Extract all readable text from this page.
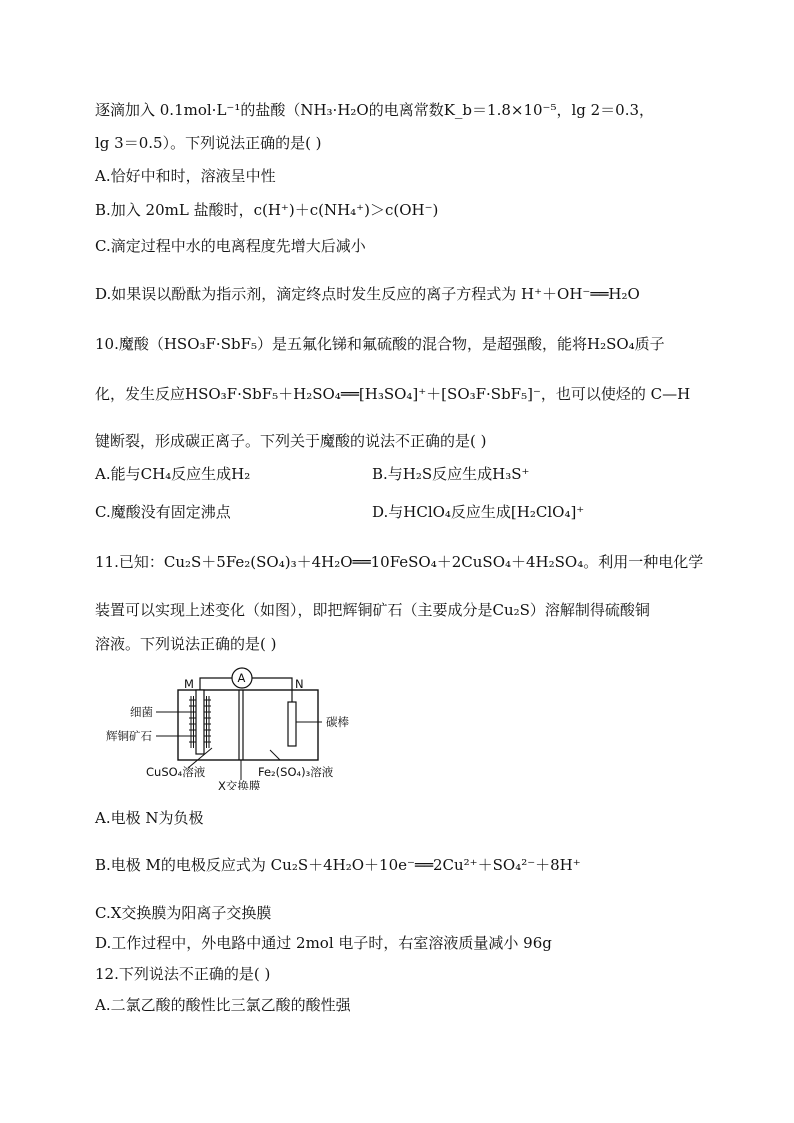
逐滴加入 0.1mol·L⁻¹的盐酸（NH₃·H₂O的电离常数K_b＝1.8×10⁻⁵，lg 2＝0.3，
lg 3＝0.5）。下列说法正确的是( )
A.恰好中和时，溶液呈中性
B.加入 20mL 盐酸时，c(H⁺)＋c(NH₄⁺)＞c(OH⁻)
C.滴定过程中水的电离程度先增大后减小
D.如果误以酚酞为指示剂，滴定终点时发生反应的离子方程式为 H⁺＋OH⁻══H₂O
10.魔酸（HSO₃F·SbF₅）是五氟化锑和氟硫酸的混合物，是超强酸，能将H₂SO₄质子
化，发生反应HSO₃F·SbF₅＋H₂SO₄══[H₃SO₄]⁺＋[SO₃F·SbF₅]⁻，也可以使烃的 C—H
键断裂，形成碳正离子。下列关于魔酸的说法不正确的是( )
A.能与CH₄反应生成H₂	B.与H₂S反应生成H₃S⁺
C.魔酸没有固定沸点	D.与HClO₄反应生成[H₂ClO₄]⁺
11.已知：Cu₂S＋5Fe₂(SO₄)₃＋4H₂O══10FeSO₄＋2CuSO₄＋4H₂SO₄。利用一种电化学
装置可以实现上述变化（如图），即把辉铜矿石（主要成分是Cu₂S）溶解制得硫酸铜
溶液。下列说法正确的是( )
A
M	N
细菌
辉铜矿石
碳棒
CuSO₄溶液
X交换膜
Fe₂(SO₄)₃溶液
A.电极 N为负极
B.电极 M的电极反应式为 Cu₂S＋4H₂O＋10e⁻══2Cu²⁺＋SO₄²⁻＋8H⁺
C.X交换膜为阳离子交换膜
D.工作过程中，外电路中通过 2mol 电子时，右室溶液质量减小 96g
12.下列说法不正确的是( )
A.二氯乙酸的酸性比三氯乙酸的酸性强
